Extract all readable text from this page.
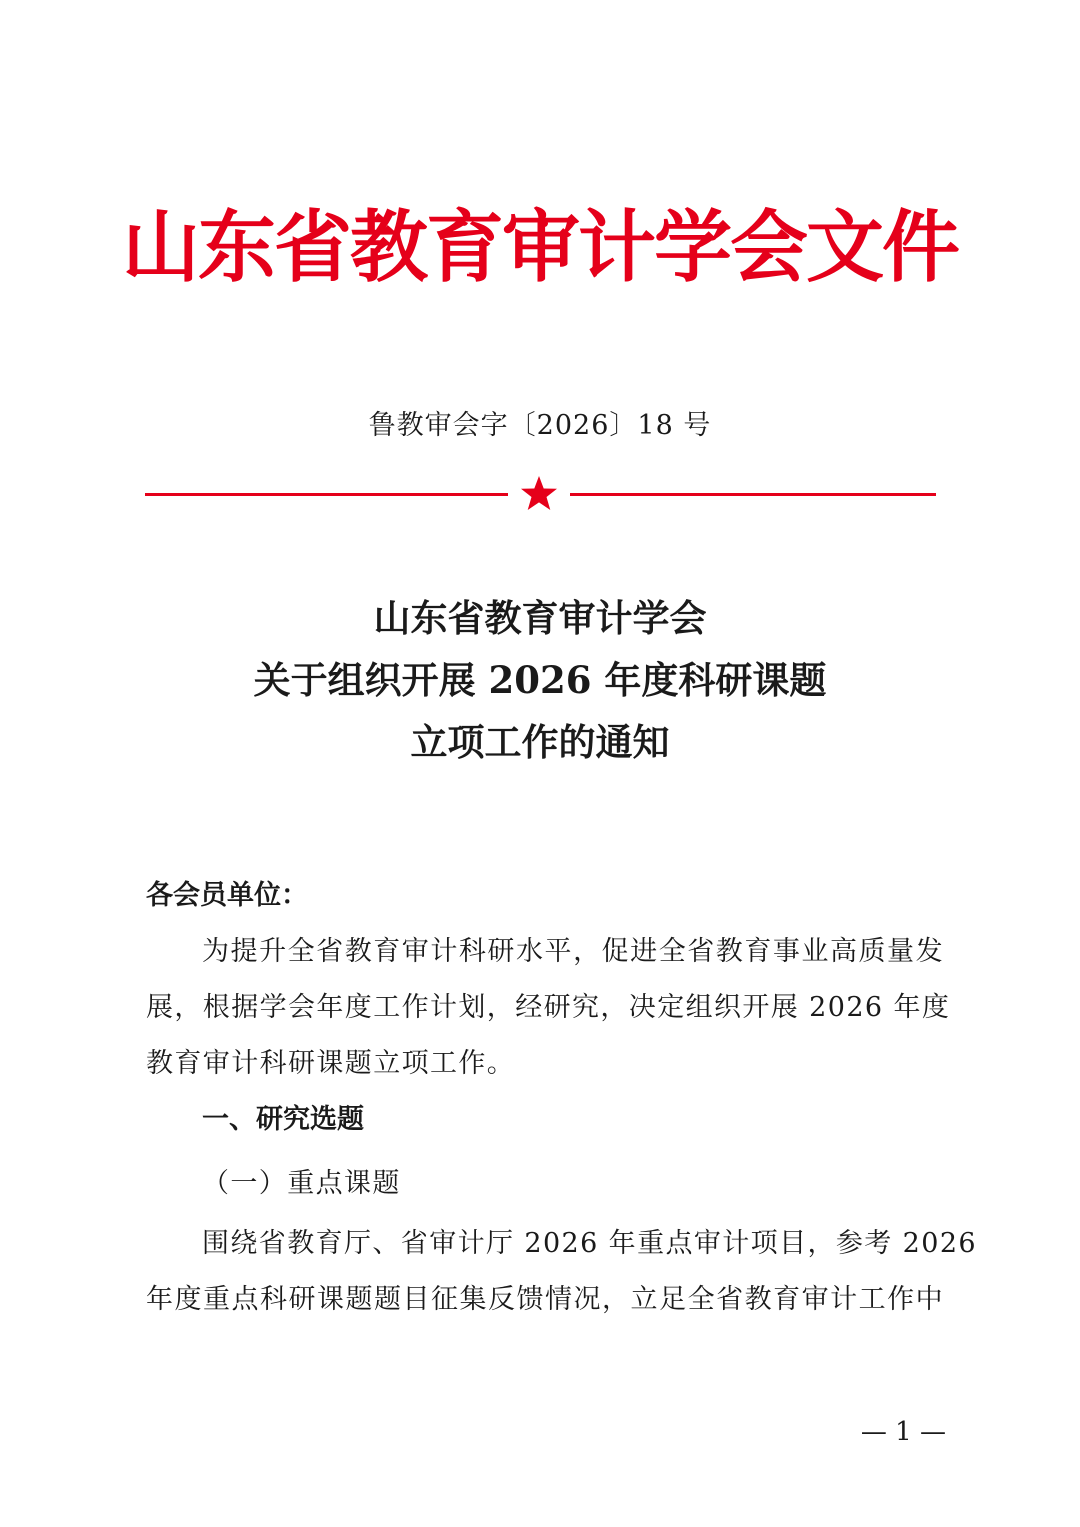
山东省教育审计学会文件
鲁教审会字〔2026〕18 号
山东省教育审计学会
关于组织开展 2026 年度科研课题
立项工作的通知
各会员单位：
为提升全省教育审计科研水平，促进全省教育事业高质量发
展，根据学会年度工作计划，经研究，决定组织开展 2026 年度
教育审计科研课题立项工作。
一、研究选题
（一）重点课题
围绕省教育厅、省审计厅 2026 年重点审计项目，参考 2026
年度重点科研课题题目征集反馈情况，立足全省教育审计工作中
— 1 —
